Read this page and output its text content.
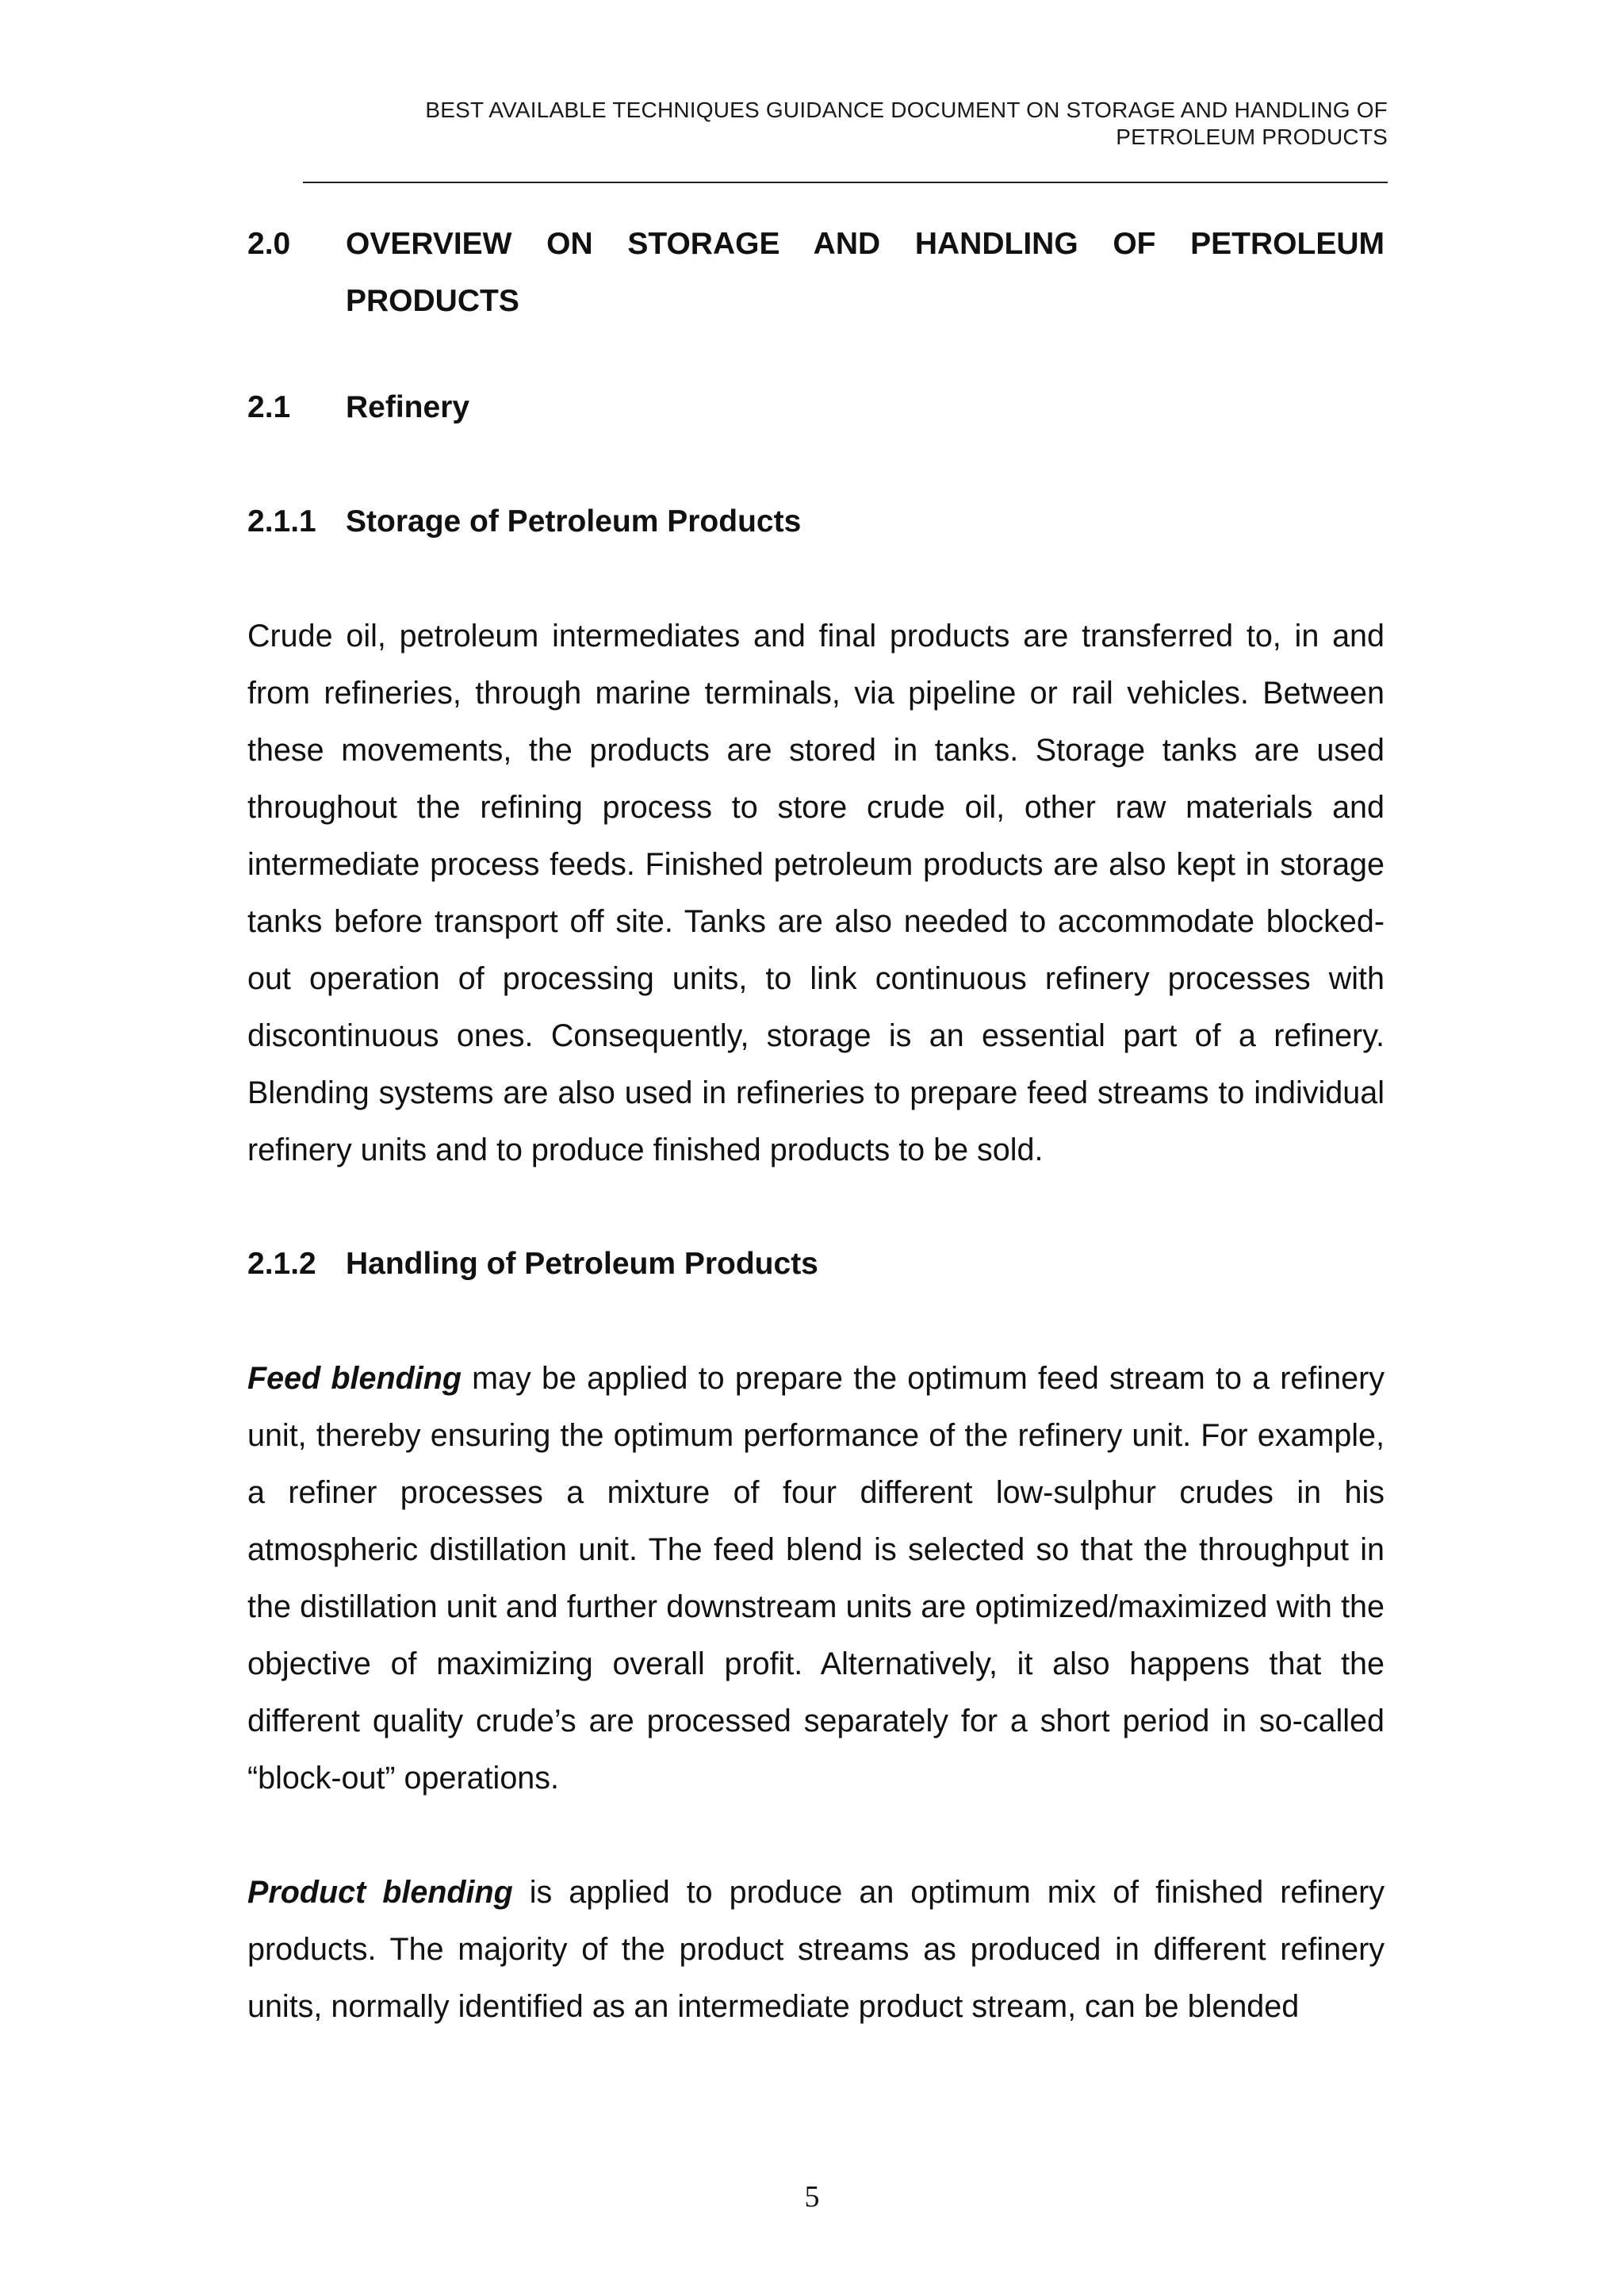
BEST AVAILABLE TECHNIQUES GUIDANCE DOCUMENT ON STORAGE AND HANDLING OF
PETROLEUM PRODUCTS
2.0	OVERVIEW ON STORAGE AND HANDLING OF PETROLEUM PRODUCTS
2.1	Refinery
2.1.1 Storage of Petroleum Products

Crude oil, petroleum intermediates and final products are transferred to, in and from refineries, through marine terminals, via pipeline or rail vehicles. Between these movements, the products are stored in tanks. Storage tanks are used throughout the refining process to store crude oil, other raw materials and intermediate process feeds. Finished petroleum products are also kept in storage tanks before transport off site. Tanks are also needed to accommodate blocked-out operation of processing units, to link continuous refinery processes with discontinuous ones. Consequently, storage is an essential part of a refinery. Blending systems are also used in refineries to prepare feed streams to individual refinery units and to produce finished products to be sold.

2.1.2 Handling of Petroleum Products

Feed blending may be applied to prepare the optimum feed stream to a refinery unit, thereby ensuring the optimum performance of the refinery unit. For example, a refiner processes a mixture of four different low-sulphur crudes in his atmospheric distillation unit. The feed blend is selected so that the throughput in the distillation unit and further downstream units are optimized/maximized with the objective of maximizing overall profit. Alternatively, it also happens that the different quality crude’s are processed separately for a short period in so-called “block-out” operations.

Product blending is applied to produce an optimum mix of finished refinery products. The majority of the product streams as produced in different refinery units, normally identified as an intermediate product stream, can be blended

5
